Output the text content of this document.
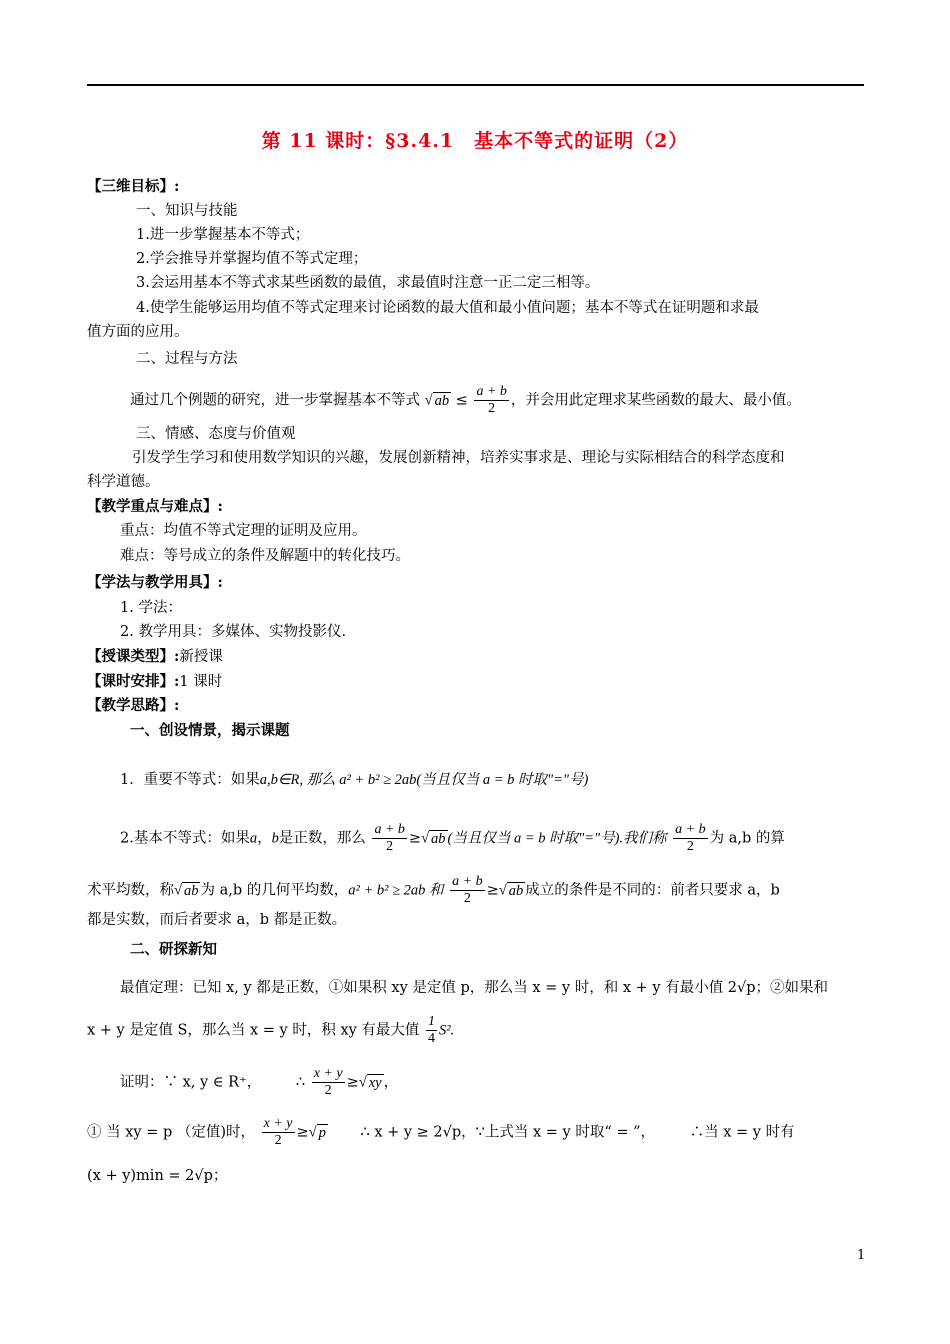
第 11 课时：§3.4.1　基本不等式的证明（2）
【三维目标】:
一、知识与技能
1.进一步掌握基本不等式；
2.学会推导并掌握均值不等式定理；
3.会运用基本不等式求某些函数的最值，求最值时注意一正二定三相等。
4.使学生能够运用均值不等式定理来讨论函数的最大值和最小值问题；基本不等式在证明题和求最
值方面的应用。
二、过程与方法
通过几个例题的研究，进一步掌握基本不等式 √ ab ≤ $\frac{a + b}{2}$ ，并会用此定理求某些函数的最大、最小值。
三、情感、态度与价值观
引发学生学习和使用数学知识的兴趣，发展创新精神，培养实事求是、理论与实际相结合的科学态度和
科学道德。
【教学重点与难点】:
重点：均值不等式定理的证明及应用。
难点：等号成立的条件及解题中的转化技巧。
【学法与教学用具】:
1. 学法：
2. 教学用具：多媒体、实物投影仪.
【授课类型】:新授课
【课时安排】:1 课时
【教学思路】:
一、创设情景，揭示课题
1．重要不等式：如果a,b∈R, 那么 a² + b² ≥ 2ab(当且仅当 a = b 时取"="号)
2.基本不等式：如果a，b是正数，那么 $\frac{a + b}{2}$ ≥√ ab (当且仅当 a = b 时取"="号).我们称 $\frac{a + b}{2}$ 为 a,b 的算
术平均数，称√ ab 为 a,b 的几何平均数，a² + b² ≥ 2ab 和 $\frac{a + b}{2}$ ≥√ ab 成立的条件是不同的：前者只要求 a，b
都是实数，而后者要求 a，b 都是正数。
二、研探新知
最值定理：已知 x, y 都是正数，①如果积 xy 是定值 p，那么当 x = y 时，和 x + y 有最小值 2√p；②如果和
x + y 是定值 S，那么当 x = y 时，积 xy 有最大值 $\frac{1}{4} S^2$.
证明：∵ x, y ∈ R⁺， ∴ $\frac{x + y}{2}$ ≥√ xy ，
① 当 xy = p （定值)时， $\frac{x + y}{2}$ ≥√ p ∴ x + y ≥ 2√p，∵上式当 x = y 时取“ = ”， ∴当 x = y 时有
(x + y)min = 2√p；
1
